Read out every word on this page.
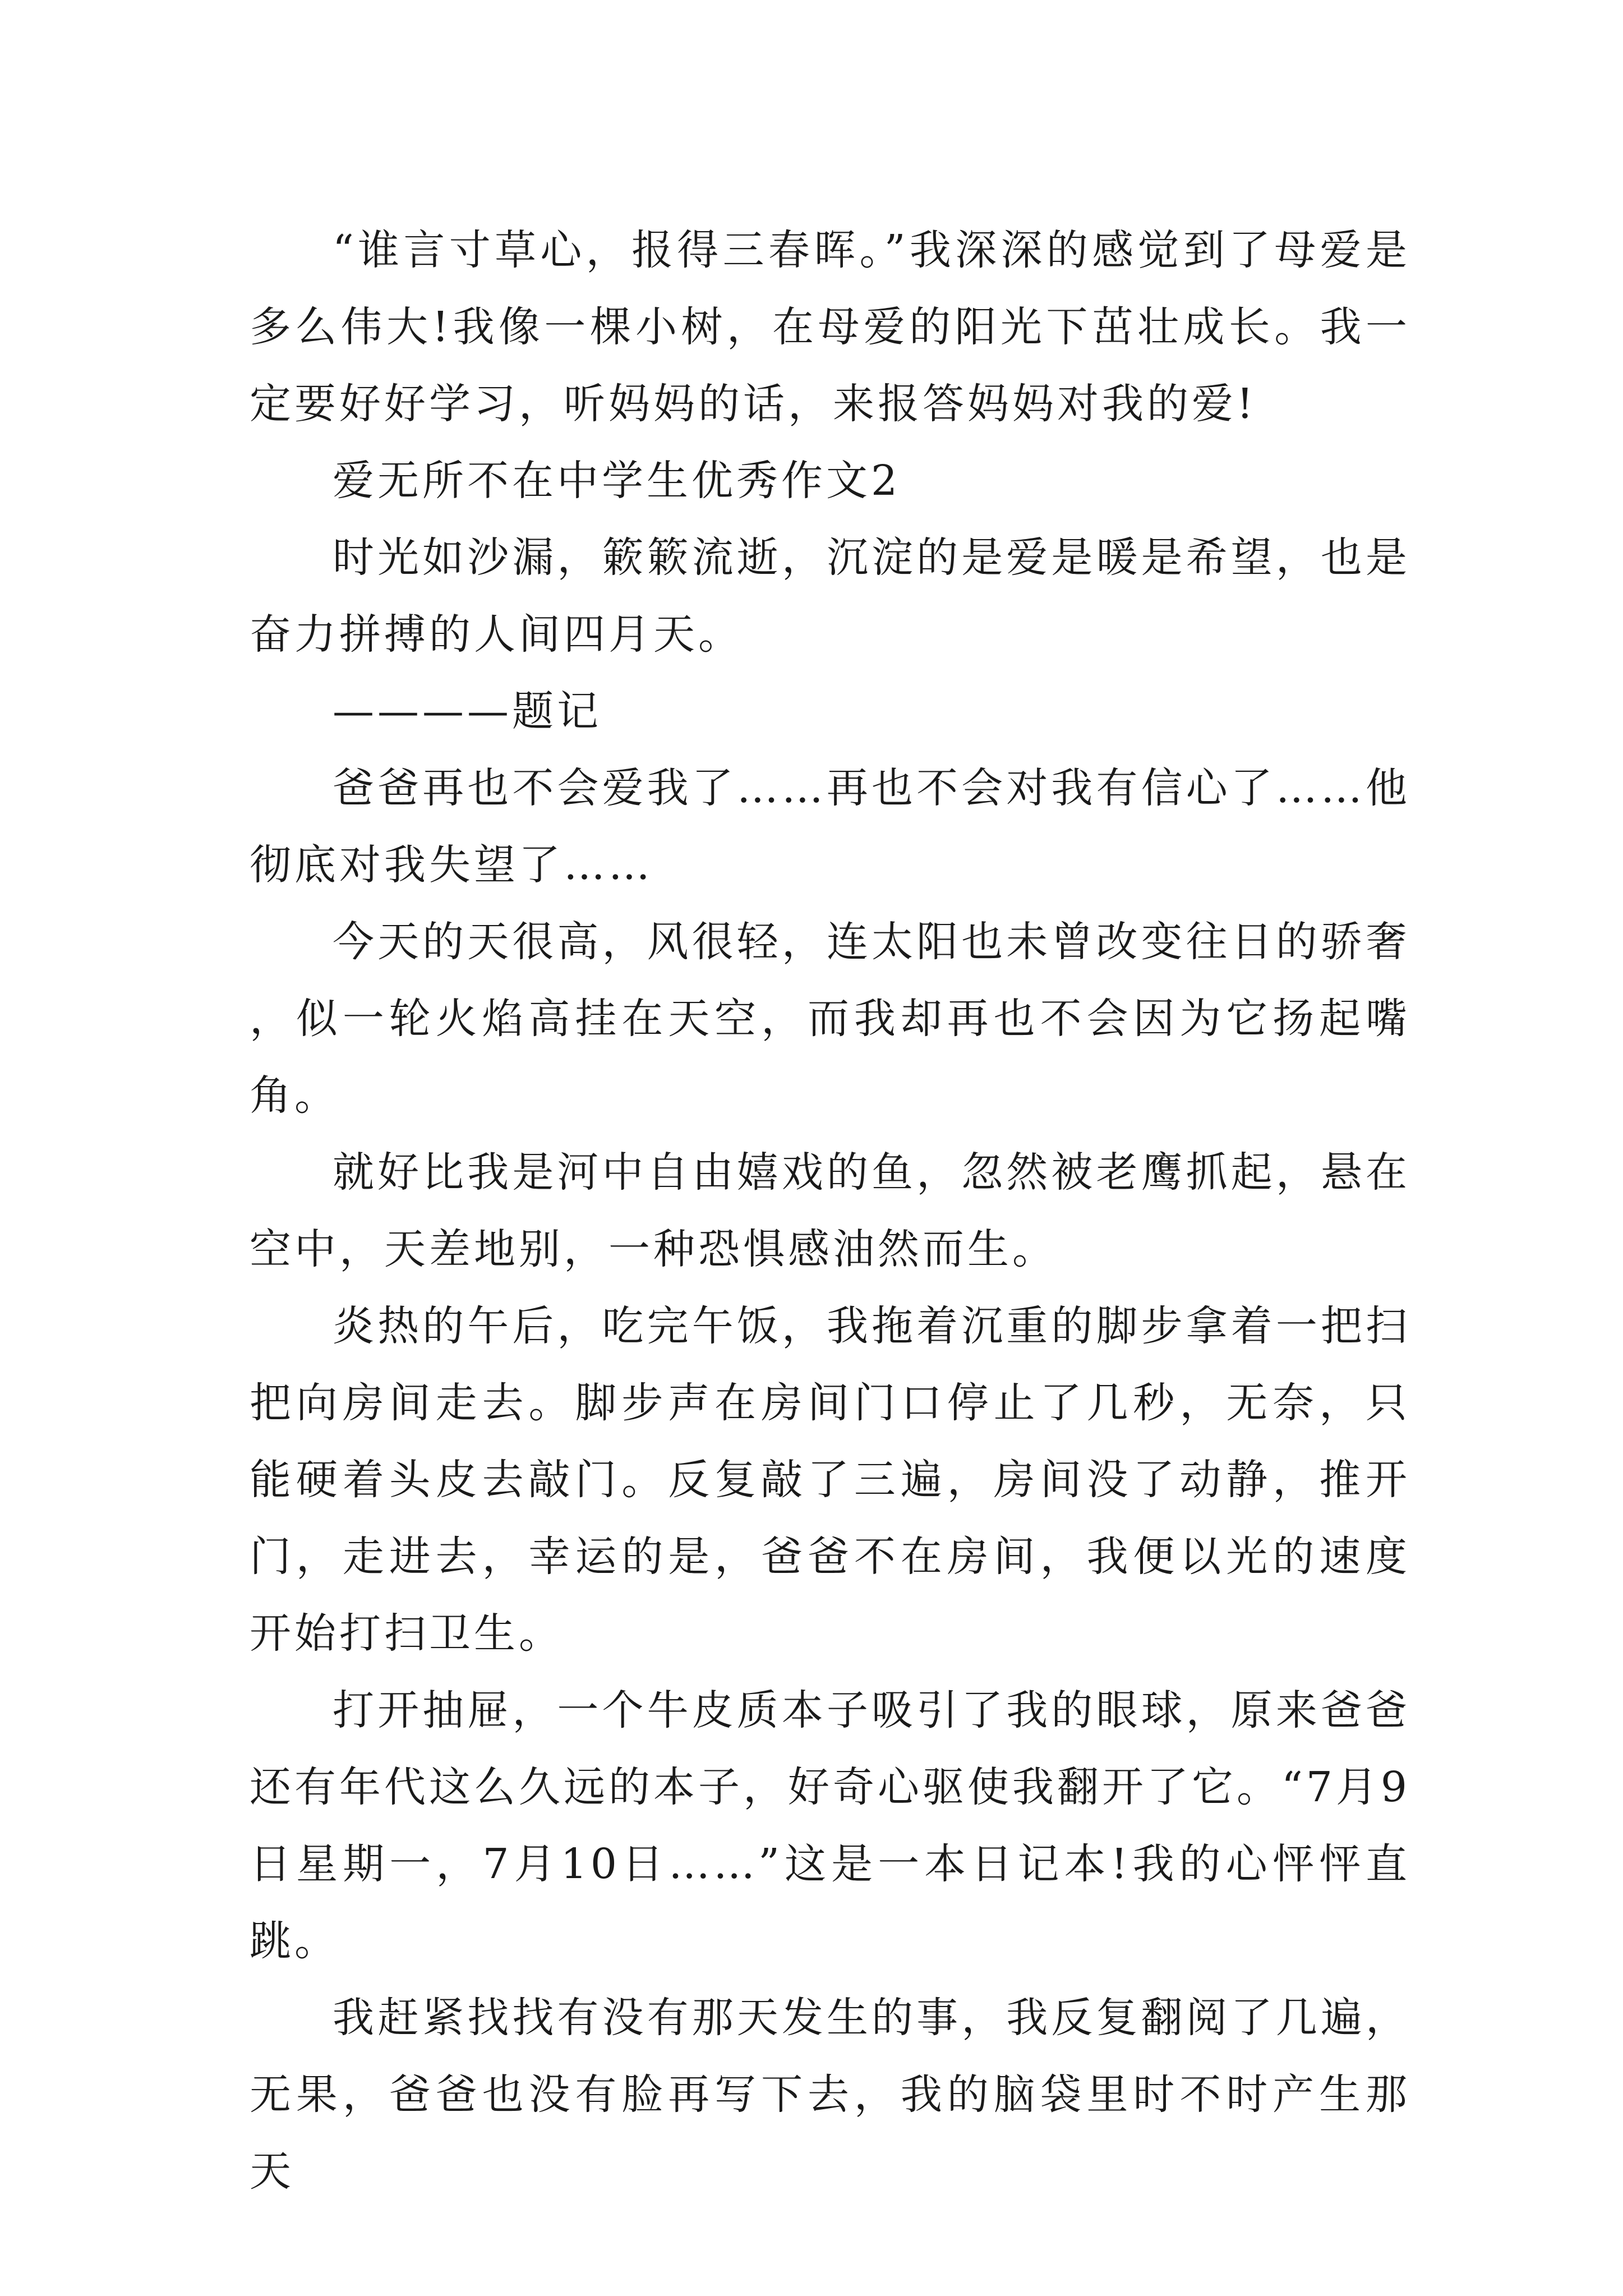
“谁言寸草心，报得三春晖。”我深深的感觉到了母爱是多么伟大!我像一棵小树，在母爱的阳光下茁壮成长。我一定要好好学习，听妈妈的话，来报答妈妈对我的爱!

爱无所不在中学生优秀作文2

时光如沙漏，簌簌流逝，沉淀的是爱是暖是希望，也是奋力拼搏的人间四月天。

————题记

爸爸再也不会爱我了……再也不会对我有信心了……他彻底对我失望了……

今天的天很高，风很轻，连太阳也未曾改变往日的骄奢，似一轮火焰高挂在天空，而我却再也不会因为它扬起嘴角。

就好比我是河中自由嬉戏的鱼，忽然被老鹰抓起，悬在空中，天差地别，一种恐惧感油然而生。

炎热的午后，吃完午饭，我拖着沉重的脚步拿着一把扫把向房间走去。脚步声在房间门口停止了几秒，无奈，只能硬着头皮去敲门。反复敲了三遍，房间没了动静，推开门，走进去，幸运的是，爸爸不在房间，我便以光的速度开始打扫卫生。

打开抽屉，一个牛皮质本子吸引了我的眼球，原来爸爸还有年代这么久远的本子，好奇心驱使我翻开了它。“7月9日星期一，7月10日……”这是一本日记本!我的心怦怦直跳。

我赶紧找找有没有那天发生的事，我反复翻阅了几遍，无果，爸爸也没有脸再写下去，我的脑袋里时不时产生那天
